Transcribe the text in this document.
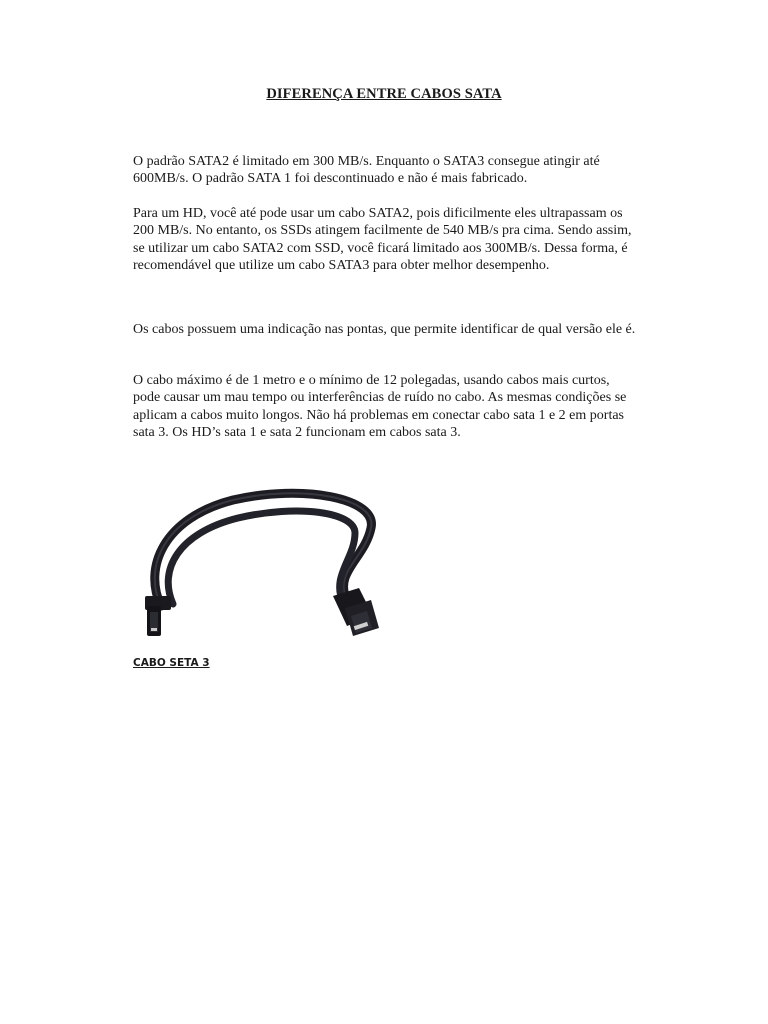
DIFERENÇA ENTRE CABOS SATA

O padrão SATA2 é limitado em 300 MB/s. Enquanto o SATA3 consegue atingir até 600MB/s. O padrão SATA 1 foi descontinuado e não é mais fabricado.

Para um HD, você até pode usar um cabo SATA2, pois dificilmente eles ultrapassam os 200 MB/s. No entanto, os SSDs atingem facilmente de 540 MB/s pra cima. Sendo assim, se utilizar um cabo SATA2 com SSD, você ficará limitado aos 300MB/s. Dessa forma, é recomendável que utilize um cabo SATA3 para obter melhor desempenho.

Os cabos possuem uma indicação nas pontas, que permite identificar de qual versão ele é.

O cabo máximo é de 1 metro e o mínimo de 12 polegadas, usando cabos mais curtos, pode causar um mau tempo ou interferências de ruído no cabo. As mesmas condições se aplicam a cabos muito longos. Não há problemas em conectar cabo sata 1 e 2 em portas sata 3. Os HD’s sata 1 e sata 2 funcionam em cabos sata 3.

CABO SETA 3
